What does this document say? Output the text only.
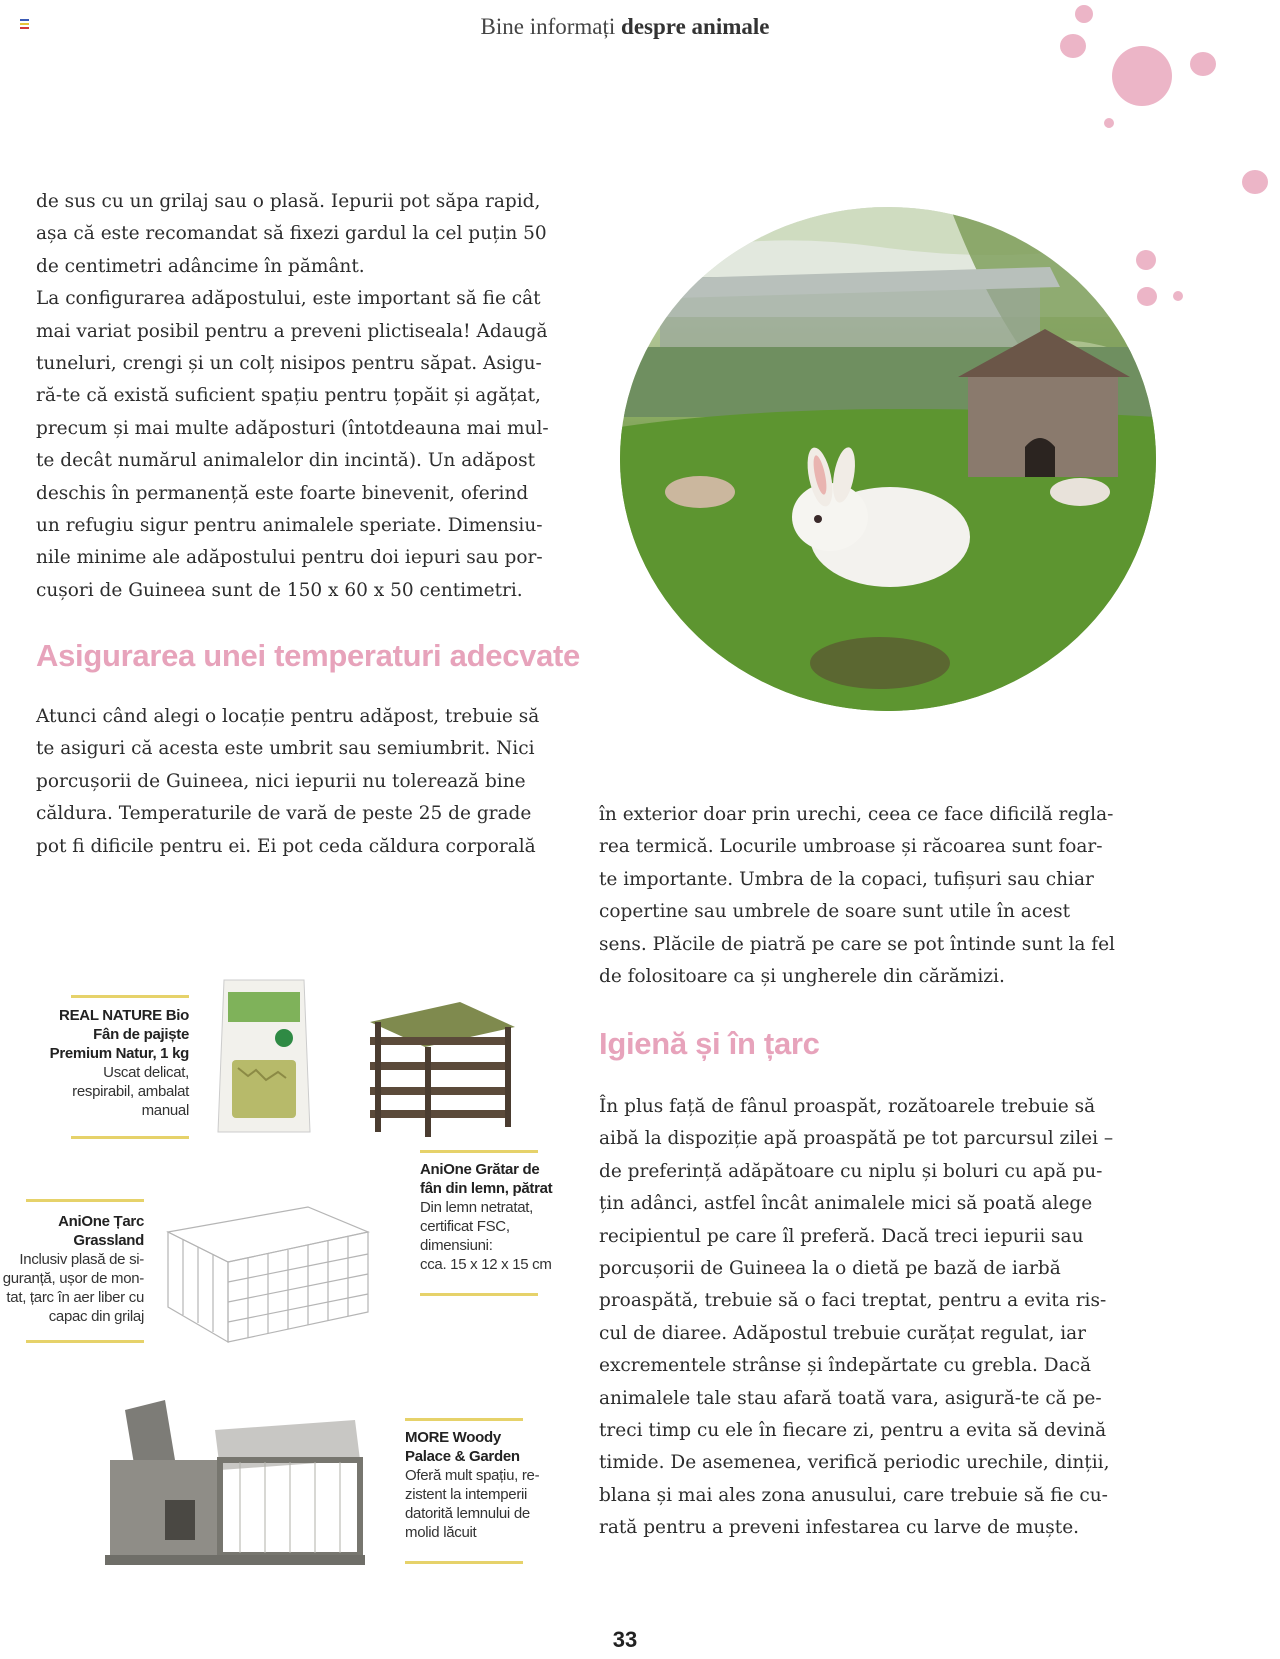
Bine informați despre animale

de sus cu un grilaj sau o plasă. Iepurii pot săpa rapid,
așa că este recomandat să fixezi gardul la cel puțin 50
de centimetri adâncime în pământ.
La configurarea adăpostului, este important să fie cât
mai variat posibil pentru a preveni plictiseala! Adaugă
tuneluri, crengi și un colț nisipos pentru săpat. Asigu-
ră-te că există suficient spațiu pentru țopăit și agățat,
precum și mai multe adăposturi (întotdeauna mai mul-
te decât numărul animalelor din incintă). Un adăpost
deschis în permanență este foarte binevenit, oferind
un refugiu sigur pentru animalele speriate. Dimensiu-
nile minime ale adăpostului pentru doi iepuri sau por-
cușori de Guineea sunt de 150 x 60 x 50 centimetri.

Asigurarea unei temperaturi adecvate

Atunci când alegi o locație pentru adăpost, trebuie să
te asiguri că acesta este umbrit sau semiumbrit. Nici
porcușorii de Guineea, nici iepurii nu tolerează bine
căldura. Temperaturile de vară de peste 25 de grade
pot fi dificile pentru ei. Ei pot ceda căldura corporală

în exterior doar prin urechi, ceea ce face dificilă regla-
rea termică. Locurile umbroase și răcoarea sunt foar-
te importante. Umbra de la copaci, tufișuri sau chiar
copertine sau umbrele de soare sunt utile în acest
sens. Plăcile de piatră pe care se pot întinde sunt la fel
de folositoare ca și ungherele din cărămizi.

Igienă și în țarc

În plus față de fânul proaspăt, rozătoarele trebuie să
aibă la dispoziție apă proaspătă pe tot parcursul zilei –
de preferință adăpătoare cu niplu și boluri cu apă pu-
țin adânci, astfel încât animalele mici să poată alege
recipientul pe care îl preferă. Dacă treci iepurii sau
porcușorii de Guineea la o dietă pe bază de iarbă
proaspătă, trebuie să o faci treptat, pentru a evita ris-
cul de diaree. Adăpostul trebuie curățat regulat, iar
excrementele strânse și îndepărtate cu grebla. Dacă
animalele tale stau afară toată vara, asigură-te că pe-
treci timp cu ele în fiecare zi, pentru a evita să devină
timide. De asemenea, verifică periodic urechile, dinții,
blana și mai ales zona anusului, care trebuie să fie cu-
rată pentru a preveni infestarea cu larve de muște.

REAL NATURE Bio
Fân de pajiște
Premium Natur, 1 kg

Uscat delicat,
respirabil, ambalat
manual

AniOne Grătar de
fân din lemn, pătrat

Din lemn netratat,
certificat FSC,
dimensiuni:
cca. 15 x 12 x 15 cm

AniOne Țarc
Grassland

Inclusiv plasă de si-
guranță, ușor de mon-
tat, țarc în aer liber cu
capac din grilaj

MORE Woody
Palace & Garden

Oferă mult spațiu, re-
zistent la intemperii
datorită lemnului de
molid lăcuit

33
